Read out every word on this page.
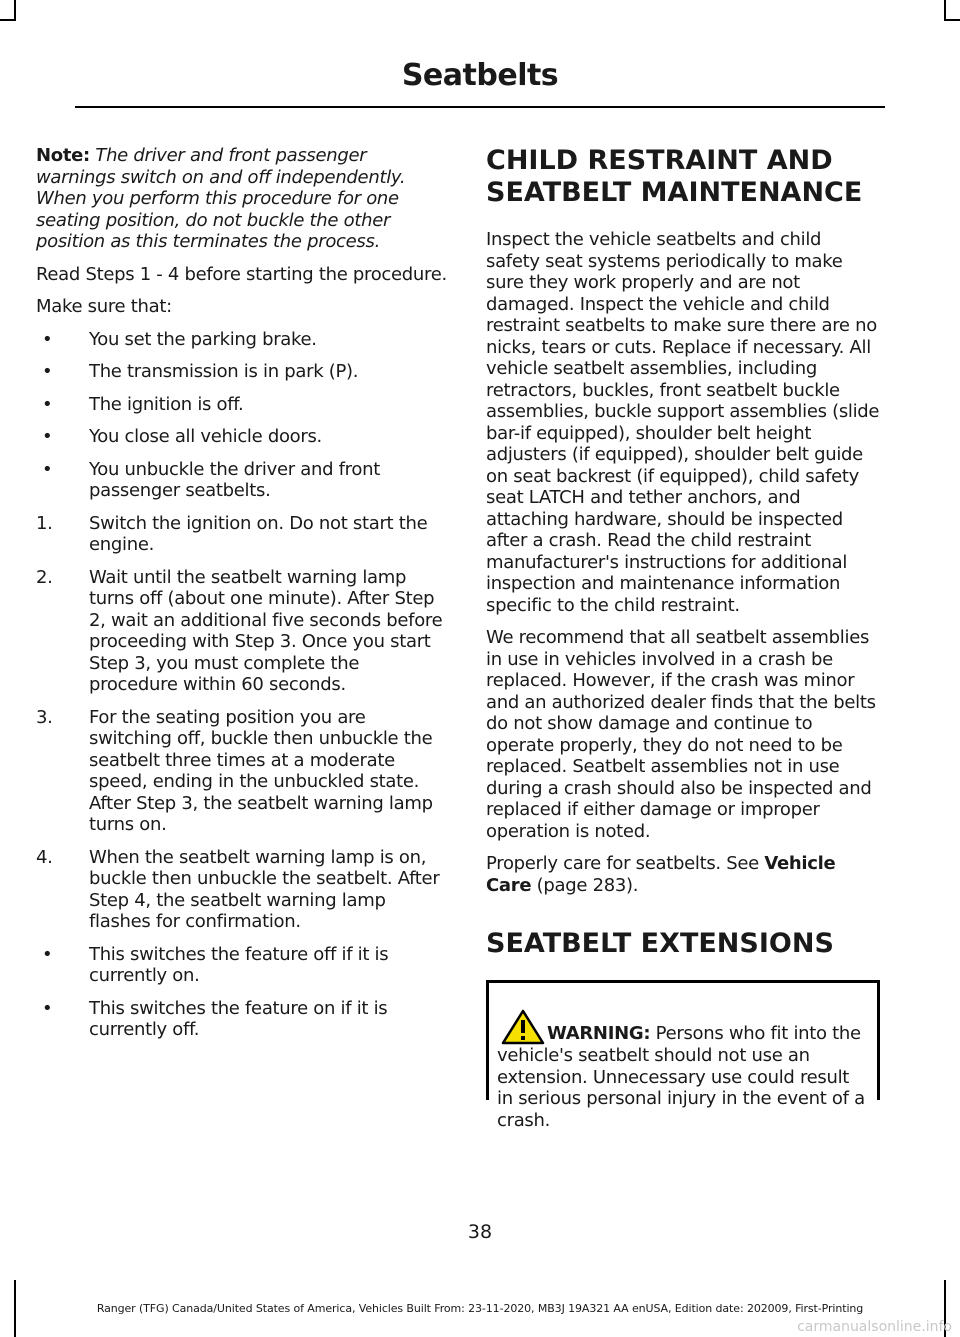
Seatbelts

Note: The driver and front passenger warnings switch on and off independently. When you perform this procedure for one seating position, do not buckle the other position as this terminates the process.

Read Steps 1 - 4 before starting the procedure.

Make sure that:

• You set the parking brake.
• The transmission is in park (P).
• The ignition is off.
• You close all vehicle doors.
• You unbuckle the driver and front passenger seatbelts.
1. Switch the ignition on. Do not start the engine.
2. Wait until the seatbelt warning lamp turns off (about one minute). After Step 2, wait an additional five seconds before proceeding with Step 3. Once you start Step 3, you must complete the procedure within 60 seconds.
3. For the seating position you are switching off, buckle then unbuckle the seatbelt three times at a moderate speed, ending in the unbuckled state. After Step 3, the seatbelt warning lamp turns on.
4. When the seatbelt warning lamp is on, buckle then unbuckle the seatbelt. After Step 4, the seatbelt warning lamp flashes for confirmation.
• This switches the feature off if it is currently on.
• This switches the feature on if it is currently off.
CHILD RESTRAINT AND
SEATBELT MAINTENANCE

Inspect the vehicle seatbelts and child safety seat systems periodically to make sure they work properly and are not damaged. Inspect the vehicle and child restraint seatbelts to make sure there are no nicks, tears or cuts. Replace if necessary. All vehicle seatbelt assemblies, including retractors, buckles, front seatbelt buckle assemblies, buckle support assemblies (slide bar-if equipped), shoulder belt height adjusters (if equipped), shoulder belt guide on seat backrest (if equipped), child safety seat LATCH and tether anchors, and attaching hardware, should be inspected after a crash. Read the child restraint manufacturer's instructions for additional inspection and maintenance information specific to the child restraint.

We recommend that all seatbelt assemblies in use in vehicles involved in a crash be replaced. However, if the crash was minor and an authorized dealer finds that the belts do not show damage and continue to operate properly, they do not need to be replaced. Seatbelt assemblies not in use during a crash should also be inspected and replaced if either damage or improper operation is noted.

Properly care for seatbelts. See Vehicle Care (page 283).

SEATBELT EXTENSIONS
WARNING: Persons who fit into the vehicle's seatbelt should not use an extension. Unnecessary use could result in serious personal injury in the event of a crash.
38
Ranger (TFG) Canada/United States of America, Vehicles Built From: 23-11-2020, MB3J 19A321 AA enUSA, Edition date: 202009, First-Printing
carmanualsonline.info
